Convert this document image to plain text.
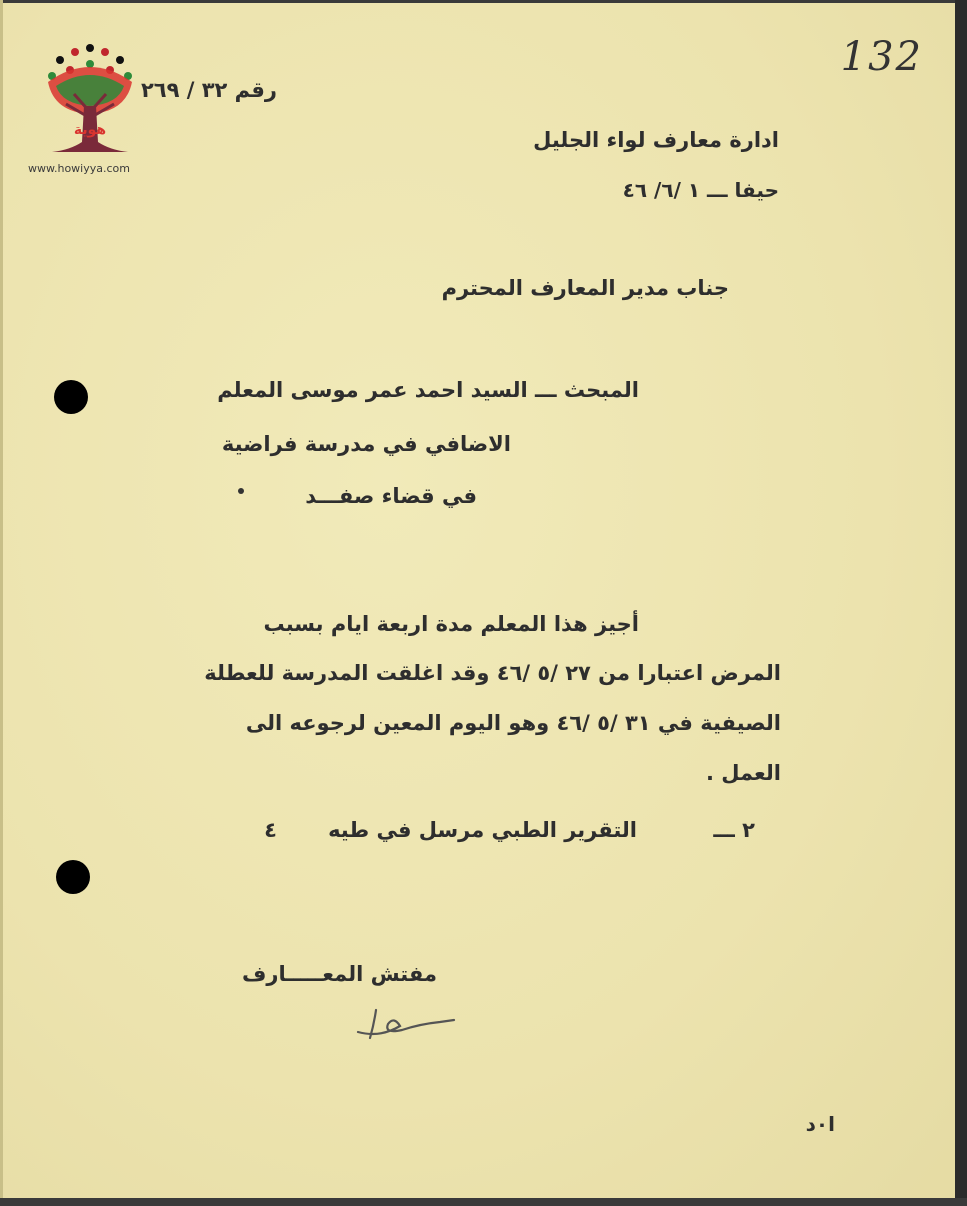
132
هوية
www.howiyya.com
رقم ٣٢ / ٢٦٩
ادارة معارف لواء الجليل
حيفا ـــ ١ /٦/ ٤٦
جناب مدير المعارف المحترم
المبحث ـــ السيد احمد عمر موسى المعلم
الاضافي في مدرسة فراضية
في قضاء صفـــد
أجيز هذا المعلم مدة اربعة ايام بسبب
المرض اعتبارا من ٢٧ /٥ /٤٦ وقد اغلقت المدرسة للعطلة
الصيفية في ٣١ /٥ /٤٦ وهو اليوم المعين لرجوعه الى
العمل .
٢ ـــ
التقرير الطبي مرسل في طيه
٤
مفتش المعـــــارف
ا٠د
